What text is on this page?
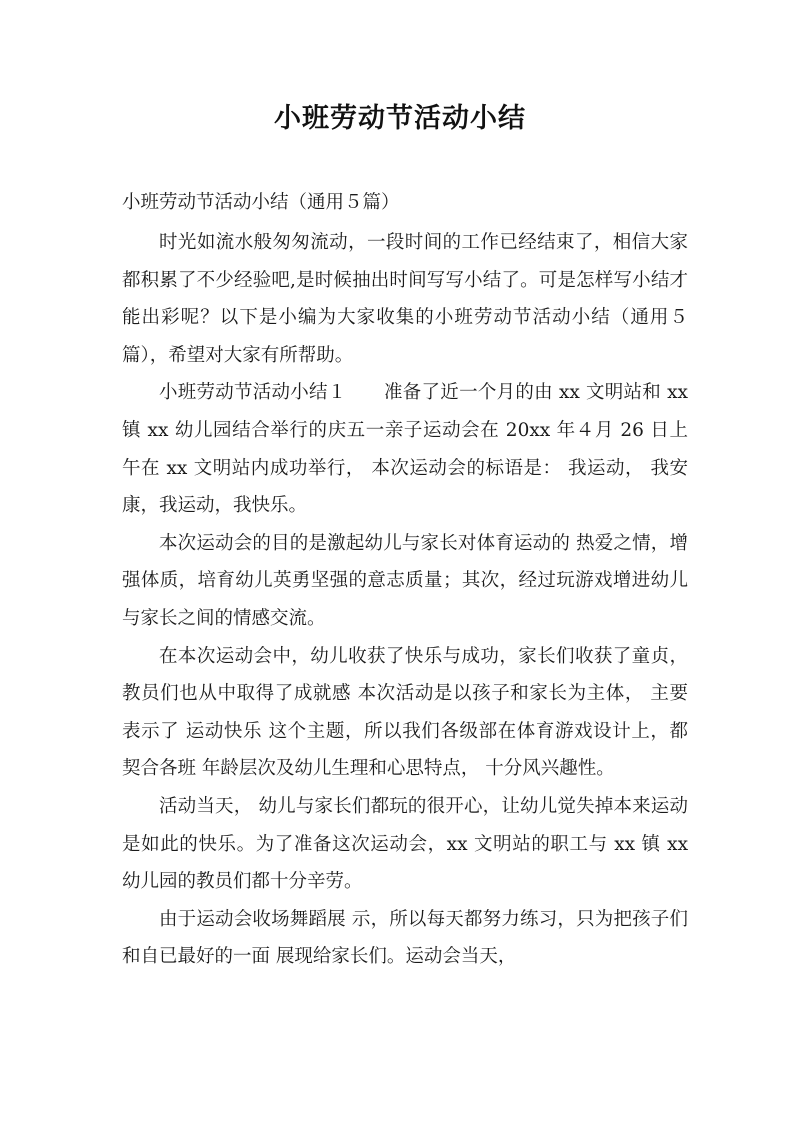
小班劳动节活动小结
小班劳动节活动小结（通用５篇）

时光如流水般匆匆流动，一段时间的工作已经结束了，相信大家都积累了不少经验吧,是时候抽出时间写写小结了。可是怎样写小结才能出彩呢？以下是小编为大家收集的小班劳动节活动小结（通用５篇），希望对大家有所帮助。

小班劳动节活动小结１　　准备了近一个月的由 xx 文明站和 xx 镇 xx 幼儿园结合举行的庆五一亲子运动会在 20xx 年４月 26 日上 午在 xx 文明站内成功举行， 本次运动会的标语是： 我运动， 我安康，我运动，我快乐。

本次运动会的目的是激起幼儿与家长对体育运动的 热爱之情，增强体质，培育幼儿英勇坚强的意志质量；其次，经过玩游戏增进幼儿与家长之间的情感交流。

在本次运动会中，幼儿收获了快乐与成功，家长们收获了童贞，教员们也从中取得了成就感 本次活动是以孩子和家长为主体， 主要表示了 运动快乐 这个主题，所以我们各级部在体育游戏设计上，都契合各班 年龄层次及幼儿生理和心思特点， 十分风兴趣性。

活动当天， 幼儿与家长们都玩的很开心，让幼儿觉失掉本来运动是如此的快乐。为了准备这次运动会，xx 文明站的职工与 xx 镇 xx 幼儿园的教员们都十分辛劳。

由于运动会收场舞蹈展 示，所以每天都努力练习，只为把孩子们和自已最好的一面 展现给家长们。运动会当天，
